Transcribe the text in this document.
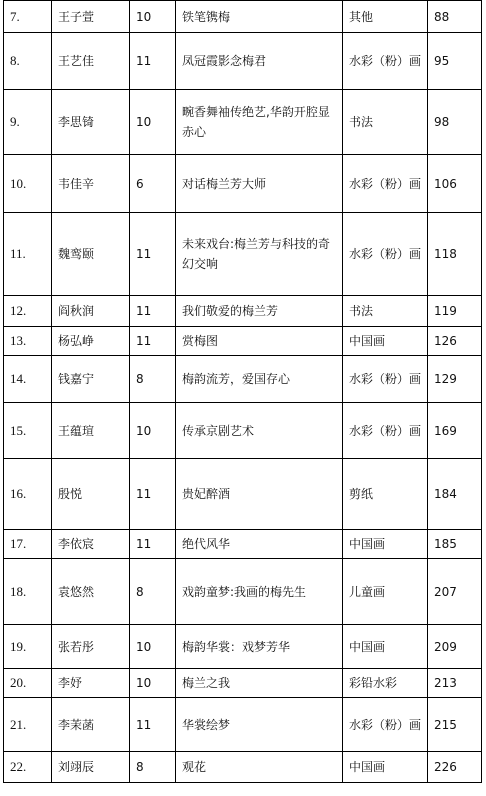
7.	王子萱	10	铁笔镌梅	其他	88
8.	王艺佳	11	凤冠霞影念梅君	水彩（粉）画	95
9.	李思锜	10	畹香舞袖传绝艺,华韵开腔显赤心	书法	98
10.	韦佳辛	6	对话梅兰芳大师	水彩（粉）画	106
11.	魏鸾颐	11	未来戏台:梅兰芳与科技的奇幻交响	水彩（粉）画	118
12.	阎秋润	11	我们敬爱的梅兰芳	书法	119
13.	杨弘峥	11	赏梅图	中国画	126
14.	钱嘉宁	8	梅韵流芳，爱国存心	水彩（粉）画	129
15.	王蕴瑄	10	传承京剧艺术	水彩（粉）画	169
16.	殷悦	11	贵妃醉酒	剪纸	184
17.	李依宸	11	绝代风华	中国画	185
18.	袁悠然	8	戏韵童梦:我画的梅先生	儿童画	207
19.	张若彤	10	梅韵华裳：戏梦芳华	中国画	209
20.	李妤	10	梅兰之我	彩铅水彩	213
21.	李茉菡	11	华裳绘梦	水彩（粉）画	215
22.	刘翊辰	8	观花	中国画	226
